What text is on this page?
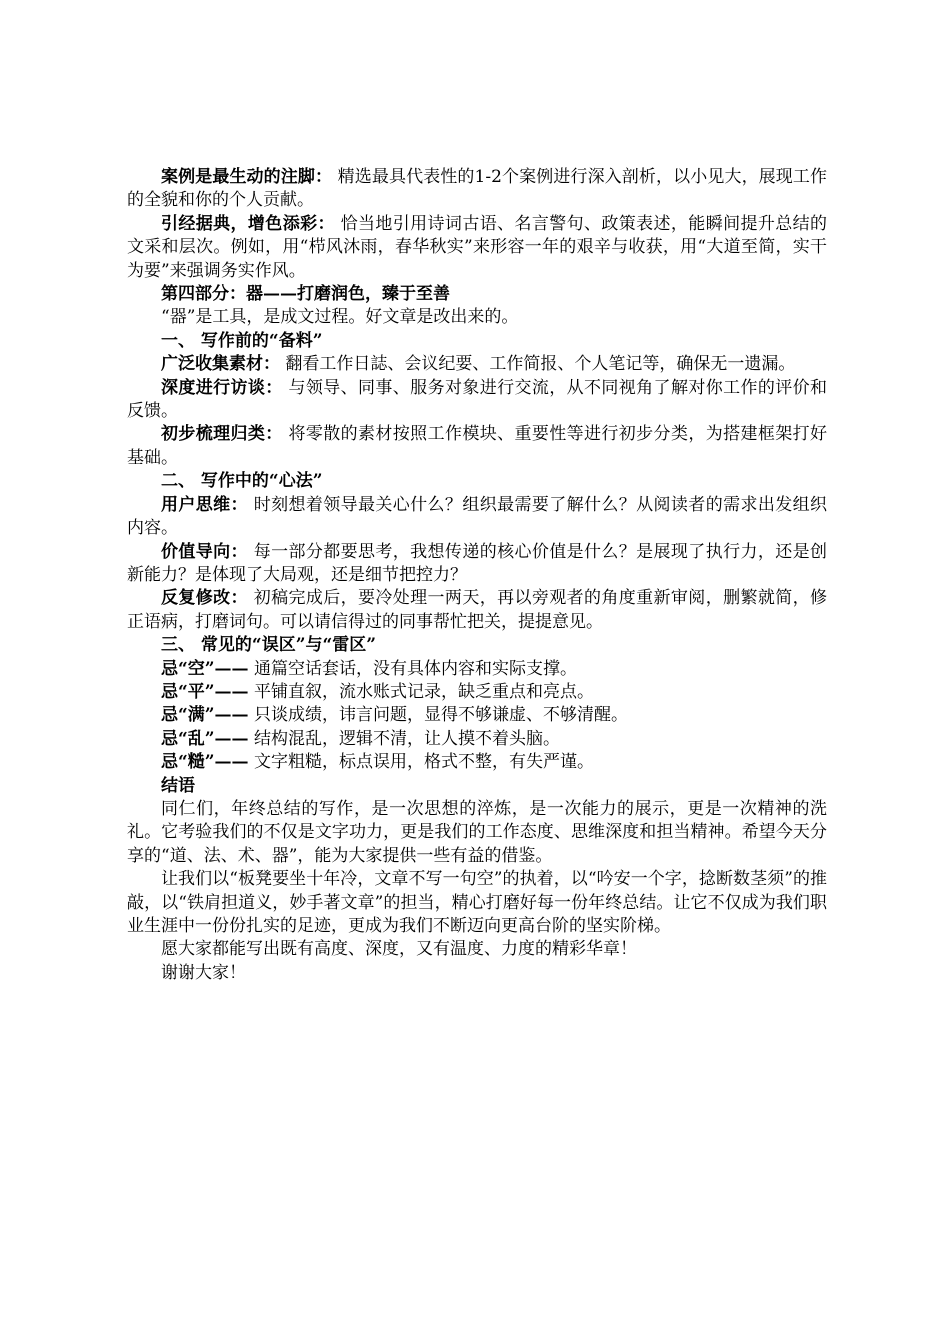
案例是最生动的注脚： 精选最具代表性的1-2个案例进行深入剖析，以小见大，展现工作的全貌和你的个人贡献。

引经据典，增色添彩： 恰当地引用诗词古语、名言警句、政策表述，能瞬间提升总结的文采和层次。例如，用“栉风沐雨，春华秋实”来形容一年的艰辛与收获，用“大道至简，实干为要”来强调务实作风。

第四部分：器——打磨润色，臻于至善

“器”是工具，是成文过程。好文章是改出来的。

一、 写作前的“备料”

广泛收集素材： 翻看工作日誌、会议纪要、工作简报、个人笔记等，确保无一遗漏。

深度进行访谈： 与领导、同事、服务对象进行交流，从不同视角了解对你工作的评价和反馈。

初步梳理归类： 将零散的素材按照工作模块、重要性等进行初步分类，为搭建框架打好基础。

二、 写作中的“心法”

用户思维： 时刻想着领导最关心什么？组织最需要了解什么？从阅读者的需求出发组织内容。

价值导向： 每一部分都要思考，我想传递的核心价值是什么？是展现了执行力，还是创新能力？是体现了大局观，还是细节把控力？

反复修改： 初稿完成后，要冷处理一两天，再以旁观者的角度重新审阅，删繁就简，修正语病，打磨词句。可以请信得过的同事帮忙把关，提提意见。

三、 常见的“误区”与“雷区”

忌“空”—— 通篇空话套话，没有具体内容和实际支撑。

忌“平”—— 平铺直叙，流水账式记录，缺乏重点和亮点。

忌“满”—— 只谈成绩，讳言问题，显得不够谦虚、不够清醒。

忌“乱”—— 结构混乱，逻辑不清，让人摸不着头脑。

忌“糙”—— 文字粗糙，标点误用，格式不整，有失严谨。

结语

同仁们，年终总结的写作，是一次思想的淬炼，是一次能力的展示，更是一次精神的洗礼。它考验我们的不仅是文字功力，更是我们的工作态度、思维深度和担当精神。希望今天分享的“道、法、术、器”，能为大家提供一些有益的借鉴。

让我们以“板凳要坐十年冷，文章不写一句空”的执着，以“吟安一个字，捻断数茎须”的推敲，以“铁肩担道义，妙手著文章”的担当，精心打磨好每一份年终总结。让它不仅成为我们职业生涯中一份份扎实的足迹，更成为我们不断迈向更高台阶的坚实阶梯。

愿大家都能写出既有高度、深度，又有温度、力度的精彩华章！

谢谢大家！
